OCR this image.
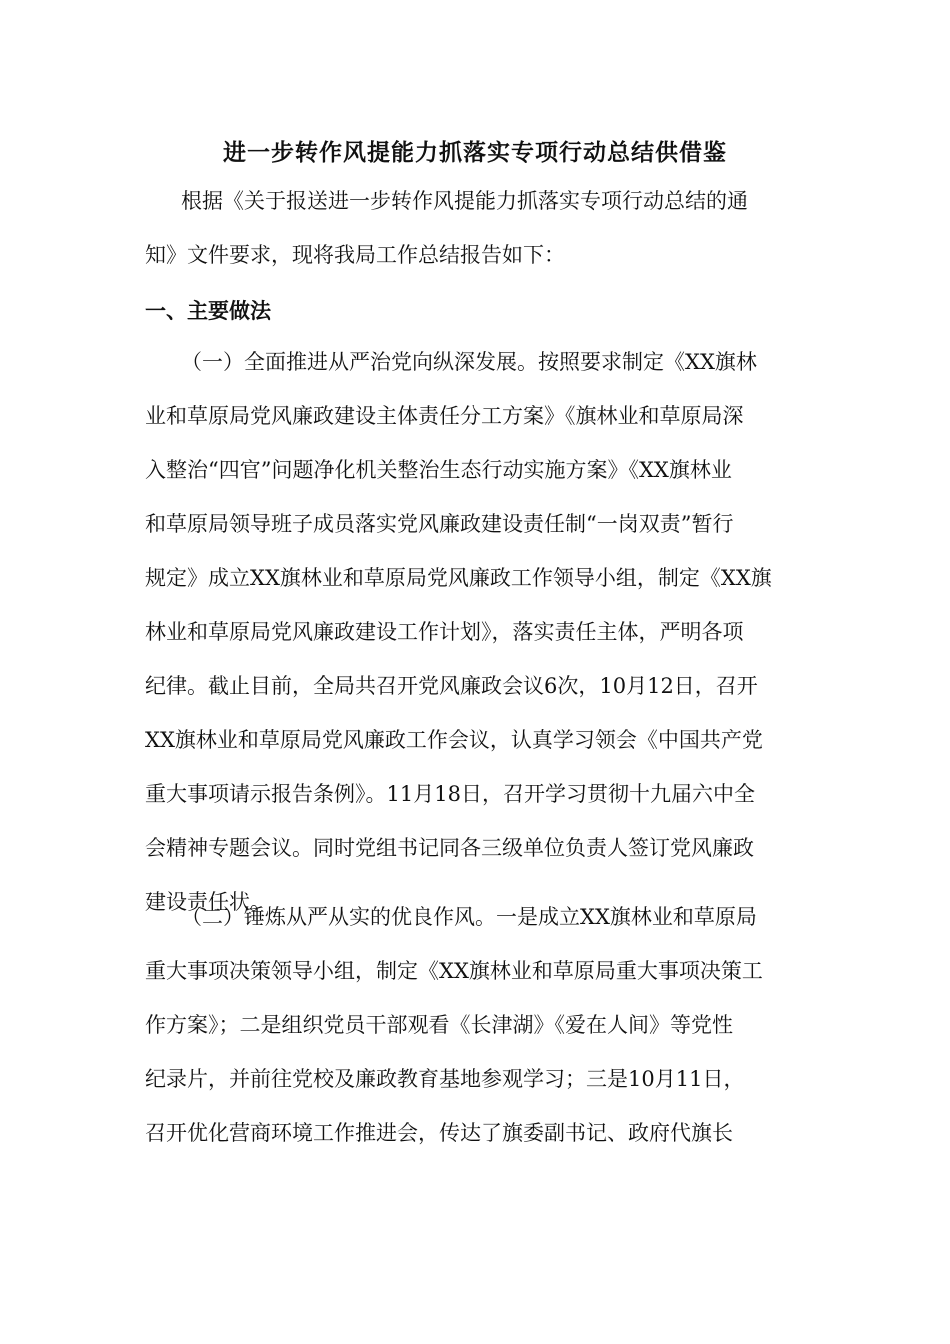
进一步转作风提能力抓落实专项行动总结供借鉴

根据《关于报送进一步转作风提能力抓落实专项行动总结的通
知》文件要求，现将我局工作总结报告如下：

一、主要做法

（一）全面推进从严治党向纵深发展。按照要求制定《XX旗林
业和草原局党风廉政建设主体责任分工方案》《旗林业和草原局深
入整治“四官”问题净化机关整治生态行动实施方案》《XX旗林业
和草原局领导班子成员落实党风廉政建设责任制“一岗双责”暂行
规定》成立XX旗林业和草原局党风廉政工作领导小组，制定《XX旗
林业和草原局党风廉政建设工作计划》，落实责任主体，严明各项
纪律。截止目前，全局共召开党风廉政会议6次，10月12日，召开
XX旗林业和草原局党风廉政工作会议，认真学习领会《中国共产党
重大事项请示报告条例》。11月18日，召开学习贯彻十九届六中全
会精神专题会议。同时党组书记同各三级单位负责人签订党风廉政
建设责任状。

（二）锤炼从严从实的优良作风。一是成立XX旗林业和草原局
重大事项决策领导小组，制定《XX旗林业和草原局重大事项决策工
作方案》；二是组织党员干部观看《长津湖》《爱在人间》等党性
纪录片，并前往党校及廉政教育基地参观学习；三是10月11日，
召开优化营商环境工作推进会，传达了旗委副书记、政府代旗长
